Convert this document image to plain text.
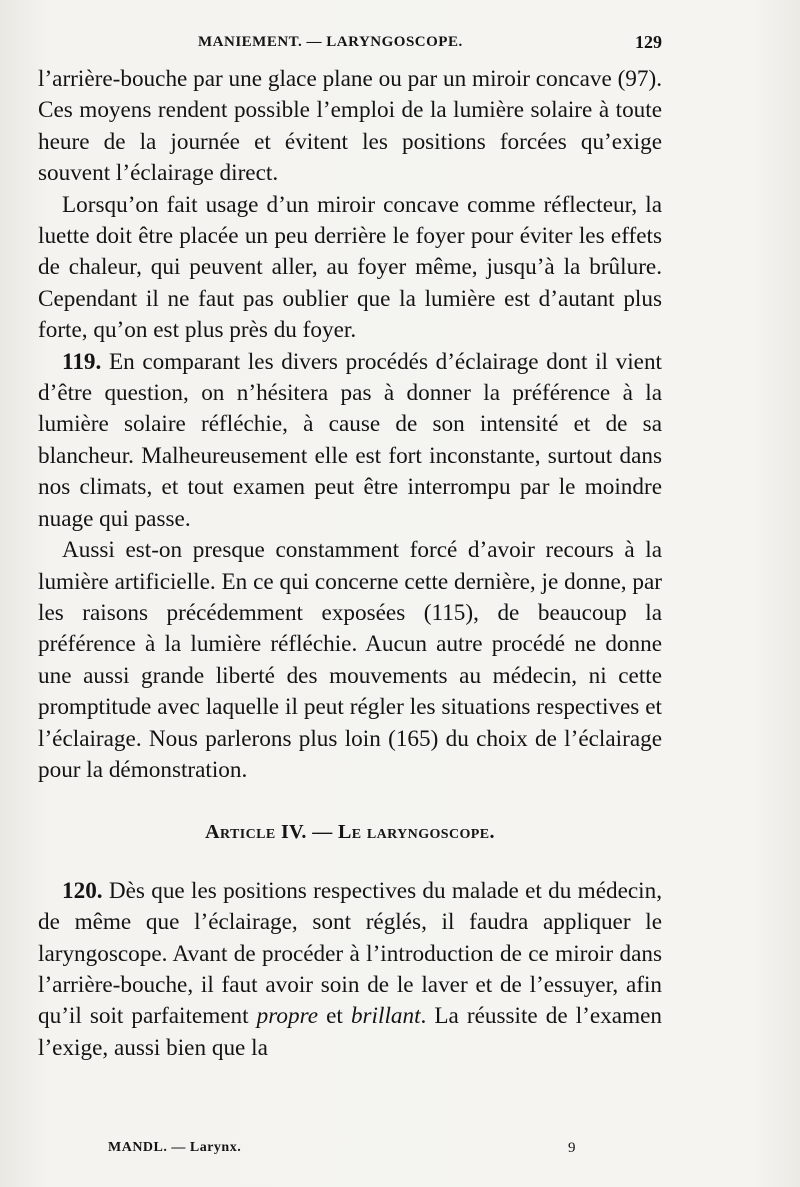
MANIEMENT. — LARYNGOSCOPE.	129

l’arrière-bouche par une glace plane ou par un miroir concave (97). Ces moyens rendent possible l’emploi de la lumière solaire à toute heure de la journée et évitent les positions forcées qu’exige souvent l’éclairage direct.

Lorsqu’on fait usage d’un miroir concave comme réflecteur, la luette doit être placée un peu derrière le foyer pour éviter les effets de chaleur, qui peuvent aller, au foyer même, jusqu’à la brûlure. Cependant il ne faut pas oublier que la lumière est d’autant plus forte, qu’on est plus près du foyer.

119. En comparant les divers procédés d’éclairage dont il vient d’être question, on n’hésitera pas à donner la préférence à la lumière solaire réfléchie, à cause de son intensité et de sa blancheur. Malheureusement elle est fort inconstante, surtout dans nos climats, et tout examen peut être interrompu par le moindre nuage qui passe.

Aussi est-on presque constamment forcé d’avoir recours à la lumière artificielle. En ce qui concerne cette dernière, je donne, par les raisons précédemment exposées (115), de beaucoup la préférence à la lumière réfléchie. Aucun autre procédé ne donne une aussi grande liberté des mouvements au médecin, ni cette promptitude avec laquelle il peut régler les situations respectives et l’éclairage. Nous parlerons plus loin (165) du choix de l’éclairage pour la démonstration.

Article IV. — Le laryngoscope.

120. Dès que les positions respectives du malade et du médecin, de même que l’éclairage, sont réglés, il faudra appliquer le laryngoscope. Avant de procéder à l’introduction de ce miroir dans l’arrière-bouche, il faut avoir soin de le laver et de l’essuyer, afin qu’il soit parfaitement propre et brillant. La réussite de l’examen l’exige, aussi bien que la

MANDL. — Larynx.	9
